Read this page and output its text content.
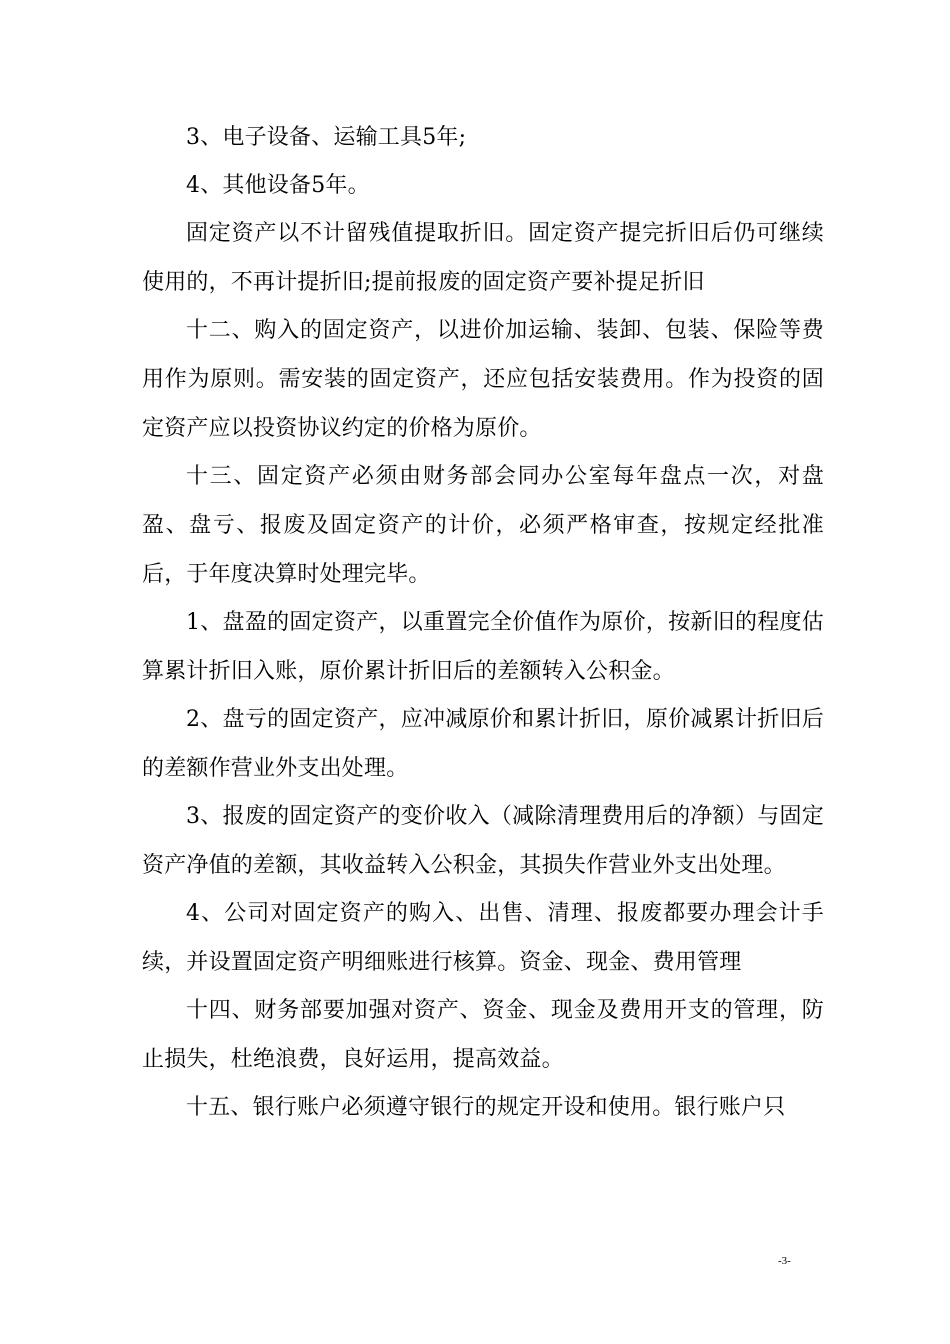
3、电子设备、运输工具5年;

4、其他设备5年。

固定资产以不计留残值提取折旧。固定资产提完折旧后仍可继续使用的，不再计提折旧;提前报废的固定资产要补提足折旧

十二、购入的固定资产，以进价加运输、装卸、包装、保险等费用作为原则。需安装的固定资产，还应包括安装费用。作为投资的固定资产应以投资协议约定的价格为原价。

十三、固定资产必须由财务部会同办公室每年盘点一次，对盘盈、盘亏、报废及固定资产的计价，必须严格审查，按规定经批准后，于年度决算时处理完毕。

1、盘盈的固定资产，以重置完全价值作为原价，按新旧的程度估算累计折旧入账，原价累计折旧后的差额转入公积金。

2、盘亏的固定资产，应冲减原价和累计折旧，原价减累计折旧后的差额作营业外支出处理。

3、报废的固定资产的变价收入（减除清理费用后的净额）与固定资产净值的差额，其收益转入公积金，其损失作营业外支出处理。

4、公司对固定资产的购入、出售、清理、报废都要办理会计手续，并设置固定资产明细账进行核算。资金、现金、费用管理

十四、财务部要加强对资产、资金、现金及费用开支的管理，防止损失，杜绝浪费，良好运用，提高效益。

十五、银行账户必须遵守银行的规定开设和使用。银行账户只

-3-
